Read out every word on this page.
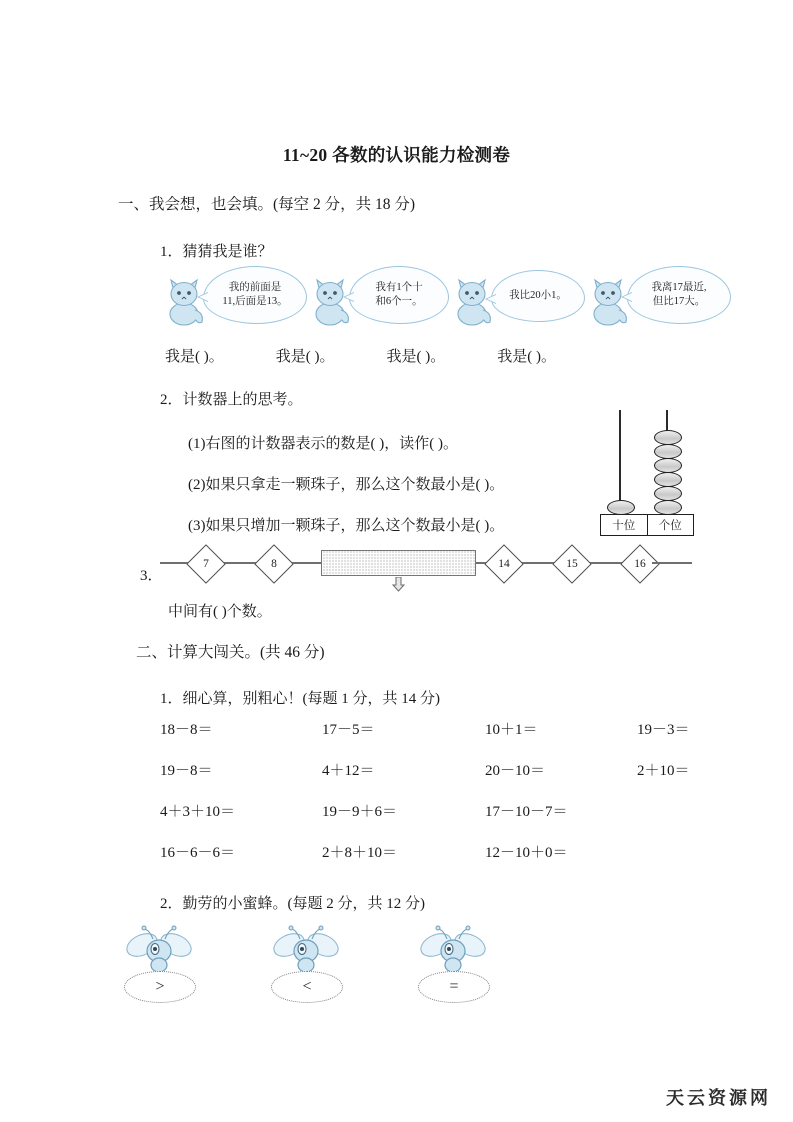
11~20 各数的认识能力检测卷
一、我会想，也会填。(每空 2 分，共 18 分)
1．猜猜我是谁？
我的前面是
11,后面是13。
我有1个十
和6个一。
我比20小1。
我离17最近,
但比17大。
我是( )。	我是( )。	我是( )。	我是( )。
2．计数器上的思考。
(1)右图的计数器表示的数是( )，读作( )。
(2)如果只拿走一颗珠子，那么这个数最小是( )。
(3)如果只增加一颗珠子，那么这个数最小是( )。	十位	个位
7	8	14	15	16
3．
中间有( )个数。
二、计算大闯关。(共 46 分)
1．细心算，别粗心！(每题 1 分，共 14 分)
18－8＝	17－5＝	10＋1＝	19－3＝
19－8＝	4＋12＝	20－10＝	2＋10＝
4＋3＋10＝	19－9＋6＝	17－10－7＝
16－6－6＝	2＋8＋10＝	12－10＋0＝
2．勤劳的小蜜蜂。(每题 2 分，共 12 分)
>	<	=
天云资源网
